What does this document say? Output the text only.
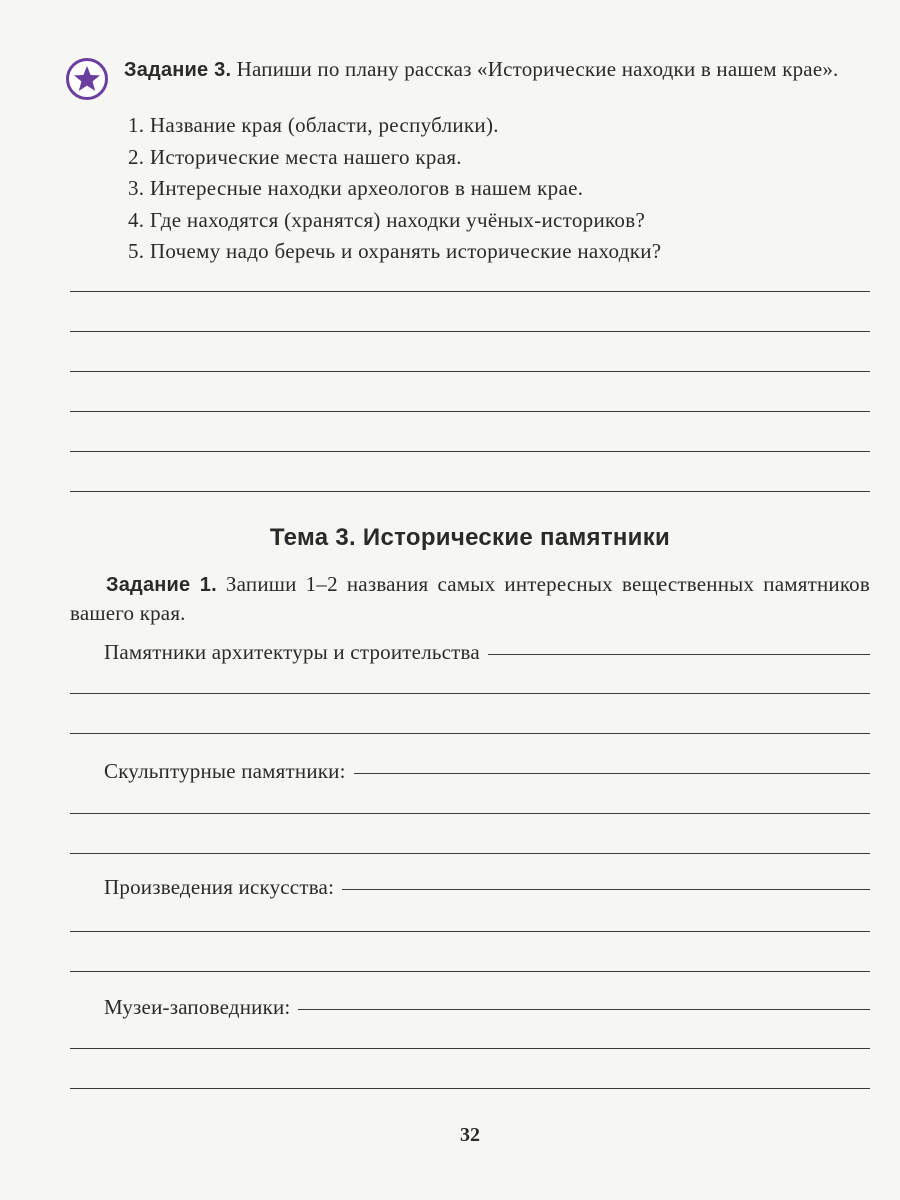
Задание 3. Напиши по плану рассказ «Исторические находки в нашем крае».
1. Название края (области, республики).
2. Исторические места нашего края.
3. Интересные находки археологов в нашем крае.
4. Где находятся (хранятся) находки учёных-историков?
5. Почему надо беречь и охранять исторические находки?
Тема 3. Исторические памятники
Задание 1. Запиши 1–2 названия самых интересных вещественных памятников вашего края.
Памятники архитектуры и строительства
Скульптурные памятники:
Произведения искусства:
Музеи-заповедники:
32
